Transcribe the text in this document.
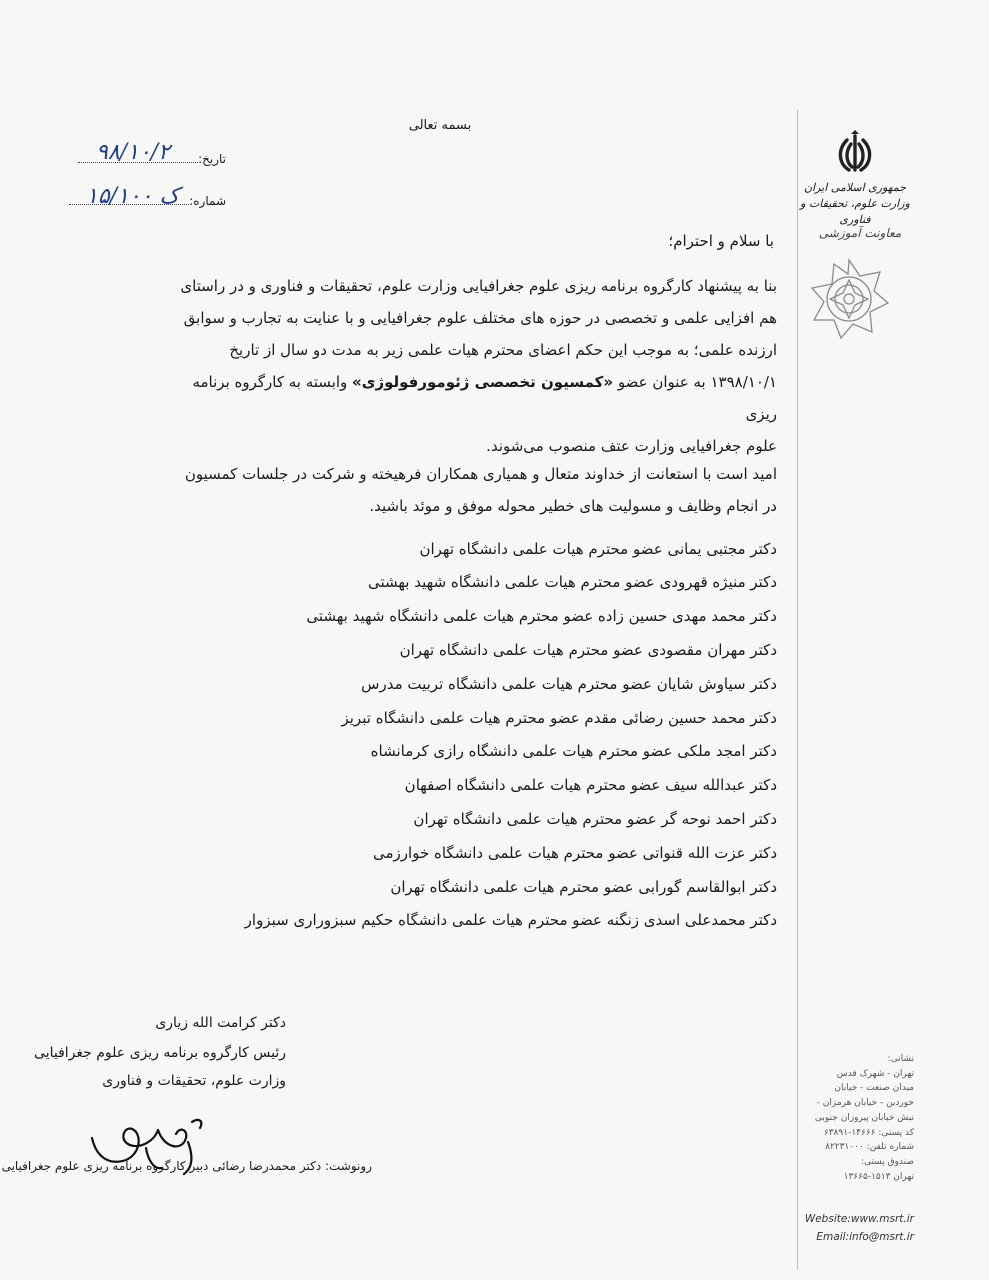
بسمه تعالی
تاریخ:
۹۸/۱۰/۲
شماره:
۱۵/۱۰۰ ک	جمهوری اسلامی ایران
وزارت علوم، تحقیقات و فناوری
معاونت آموزشی
با سلام و احترام؛
بنا به پیشنهاد کارگروه برنامه ریزی علوم جغرافیایی وزارت علوم، تحقیقات و فناوری و در راستای
هم افزایی علمی و تخصصی در حوزه های مختلف علوم جغرافیایی و با عنایت به تجارب و سوابق
ارزنده علمی؛ به موجب این حکم اعضای محترم هیات علمی زیر به مدت دو سال از تاریخ
۱۳۹۸/۱۰/۱ به عنوان عضو «کمسیون تخصصی ژئومورفولوژی» وابسته به کارگروه برنامه ریزی
علوم جغرافیایی وزارت عتف منصوب می‌شوند.
امید است با استعانت از خداوند متعال و همیاری همکاران فرهیخته و شرکت در جلسات کمسیون
در انجام وظایف و مسولیت های خطیر محوله موفق و موئد باشید.
دکتر مجتبی یمانی عضو محترم هیات علمی دانشگاه تهران
دکتر منیژه قهرودی عضو محترم هیات علمی دانشگاه شهید بهشتی
دکتر محمد مهدی حسین زاده عضو محترم هیات علمی دانشگاه شهید بهشتی
دکتر مهران مقصودی عضو محترم هیات علمی دانشگاه تهران
دکتر سیاوش شایان عضو محترم هیات علمی دانشگاه تربیت مدرس
دکتر محمد حسین رضائی مقدم عضو محترم هیات علمی دانشگاه تبریز
دکتر امجد ملکی عضو محترم هیات علمی دانشگاه رازی کرمانشاه
دکتر عبدالله سیف عضو محترم هیات علمی دانشگاه اصفهان
دکتر احمد نوحه گر عضو محترم هیات علمی دانشگاه تهران
دکتر عزت الله قنواتی عضو محترم هیات علمی دانشگاه خوارزمی
دکتر ابوالقاسم گورابی عضو محترم هیات علمی دانشگاه تهران
دکتر محمدعلی اسدی زنگنه عضو محترم هیات علمی دانشگاه حکیم سبزوراری سبزوار
دکتر کرامت الله زیاری
رئیس کارگروه برنامه ریزی علوم جغرافیایی
وزارت علوم، تحقیقات و فناوری
رونوشت: دکتر محمدرضا رضائی دبیر کارگروه برنامه ریزی علوم جغرافیایی
نشانی:
تهران - شهرک قدس
میدان صنعت - خیابان
خوردین - خیابان هرمزان -
نبش خیابان پیروزان جنوبی
کد پستی: ۱۴۶۶۶-۶۳۸۹۱
شماره تلفن: ۸۲۲۳۱۰۰۰
صندوق پستی:
تهران ۱۵۱۳-۱۳۶۶۵
Website:www.msrt.ir
Email:info@msrt.ir
